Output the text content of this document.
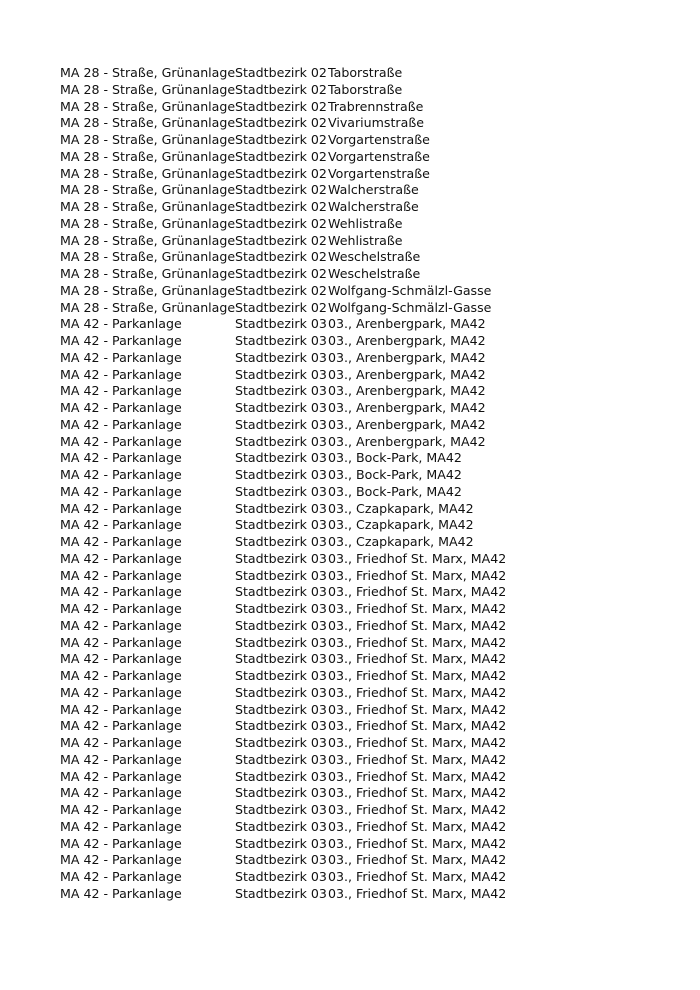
MA 28 - Straße, Grünanlage Stadtbezirk 02 Taborstraße
MA 28 - Straße, Grünanlage Stadtbezirk 02 Taborstraße
MA 28 - Straße, Grünanlage Stadtbezirk 02 Trabrennstraße
MA 28 - Straße, Grünanlage Stadtbezirk 02 Vivariumstraße
MA 28 - Straße, Grünanlage Stadtbezirk 02 Vorgartenstraße
MA 28 - Straße, Grünanlage Stadtbezirk 02 Vorgartenstraße
MA 28 - Straße, Grünanlage Stadtbezirk 02 Vorgartenstraße
MA 28 - Straße, Grünanlage Stadtbezirk 02 Walcherstraße
MA 28 - Straße, Grünanlage Stadtbezirk 02 Walcherstraße
MA 28 - Straße, Grünanlage Stadtbezirk 02 Wehlistraße
MA 28 - Straße, Grünanlage Stadtbezirk 02 Wehlistraße
MA 28 - Straße, Grünanlage Stadtbezirk 02 Weschelstraße
MA 28 - Straße, Grünanlage Stadtbezirk 02 Weschelstraße
MA 28 - Straße, Grünanlage Stadtbezirk 02 Wolfgang-Schmälzl-Gasse
MA 28 - Straße, Grünanlage Stadtbezirk 02 Wolfgang-Schmälzl-Gasse
MA 42 - Parkanlage	Stadtbezirk 03 03., Arenbergpark, MA42
MA 42 - Parkanlage	Stadtbezirk 03 03., Arenbergpark, MA42
MA 42 - Parkanlage	Stadtbezirk 03 03., Arenbergpark, MA42
MA 42 - Parkanlage	Stadtbezirk 03 03., Arenbergpark, MA42
MA 42 - Parkanlage	Stadtbezirk 03 03., Arenbergpark, MA42
MA 42 - Parkanlage	Stadtbezirk 03 03., Arenbergpark, MA42
MA 42 - Parkanlage	Stadtbezirk 03 03., Arenbergpark, MA42
MA 42 - Parkanlage	Stadtbezirk 03 03., Arenbergpark, MA42
MA 42 - Parkanlage	Stadtbezirk 03 03., Bock-Park, MA42
MA 42 - Parkanlage	Stadtbezirk 03 03., Bock-Park, MA42
MA 42 - Parkanlage	Stadtbezirk 03 03., Bock-Park, MA42
MA 42 - Parkanlage	Stadtbezirk 03 03., Czapkapark, MA42
MA 42 - Parkanlage	Stadtbezirk 03 03., Czapkapark, MA42
MA 42 - Parkanlage	Stadtbezirk 03 03., Czapkapark, MA42
MA 42 - Parkanlage	Stadtbezirk 03 03., Friedhof St. Marx, MA42
MA 42 - Parkanlage	Stadtbezirk 03 03., Friedhof St. Marx, MA42
MA 42 - Parkanlage	Stadtbezirk 03 03., Friedhof St. Marx, MA42
MA 42 - Parkanlage	Stadtbezirk 03 03., Friedhof St. Marx, MA42
MA 42 - Parkanlage	Stadtbezirk 03 03., Friedhof St. Marx, MA42
MA 42 - Parkanlage	Stadtbezirk 03 03., Friedhof St. Marx, MA42
MA 42 - Parkanlage	Stadtbezirk 03 03., Friedhof St. Marx, MA42
MA 42 - Parkanlage	Stadtbezirk 03 03., Friedhof St. Marx, MA42
MA 42 - Parkanlage	Stadtbezirk 03 03., Friedhof St. Marx, MA42
MA 42 - Parkanlage	Stadtbezirk 03 03., Friedhof St. Marx, MA42
MA 42 - Parkanlage	Stadtbezirk 03 03., Friedhof St. Marx, MA42
MA 42 - Parkanlage	Stadtbezirk 03 03., Friedhof St. Marx, MA42
MA 42 - Parkanlage	Stadtbezirk 03 03., Friedhof St. Marx, MA42
MA 42 - Parkanlage	Stadtbezirk 03 03., Friedhof St. Marx, MA42
MA 42 - Parkanlage	Stadtbezirk 03 03., Friedhof St. Marx, MA42
MA 42 - Parkanlage	Stadtbezirk 03 03., Friedhof St. Marx, MA42
MA 42 - Parkanlage	Stadtbezirk 03 03., Friedhof St. Marx, MA42
MA 42 - Parkanlage	Stadtbezirk 03 03., Friedhof St. Marx, MA42
MA 42 - Parkanlage	Stadtbezirk 03 03., Friedhof St. Marx, MA42
MA 42 - Parkanlage	Stadtbezirk 03 03., Friedhof St. Marx, MA42
MA 42 - Parkanlage	Stadtbezirk 03 03., Friedhof St. Marx, MA42
